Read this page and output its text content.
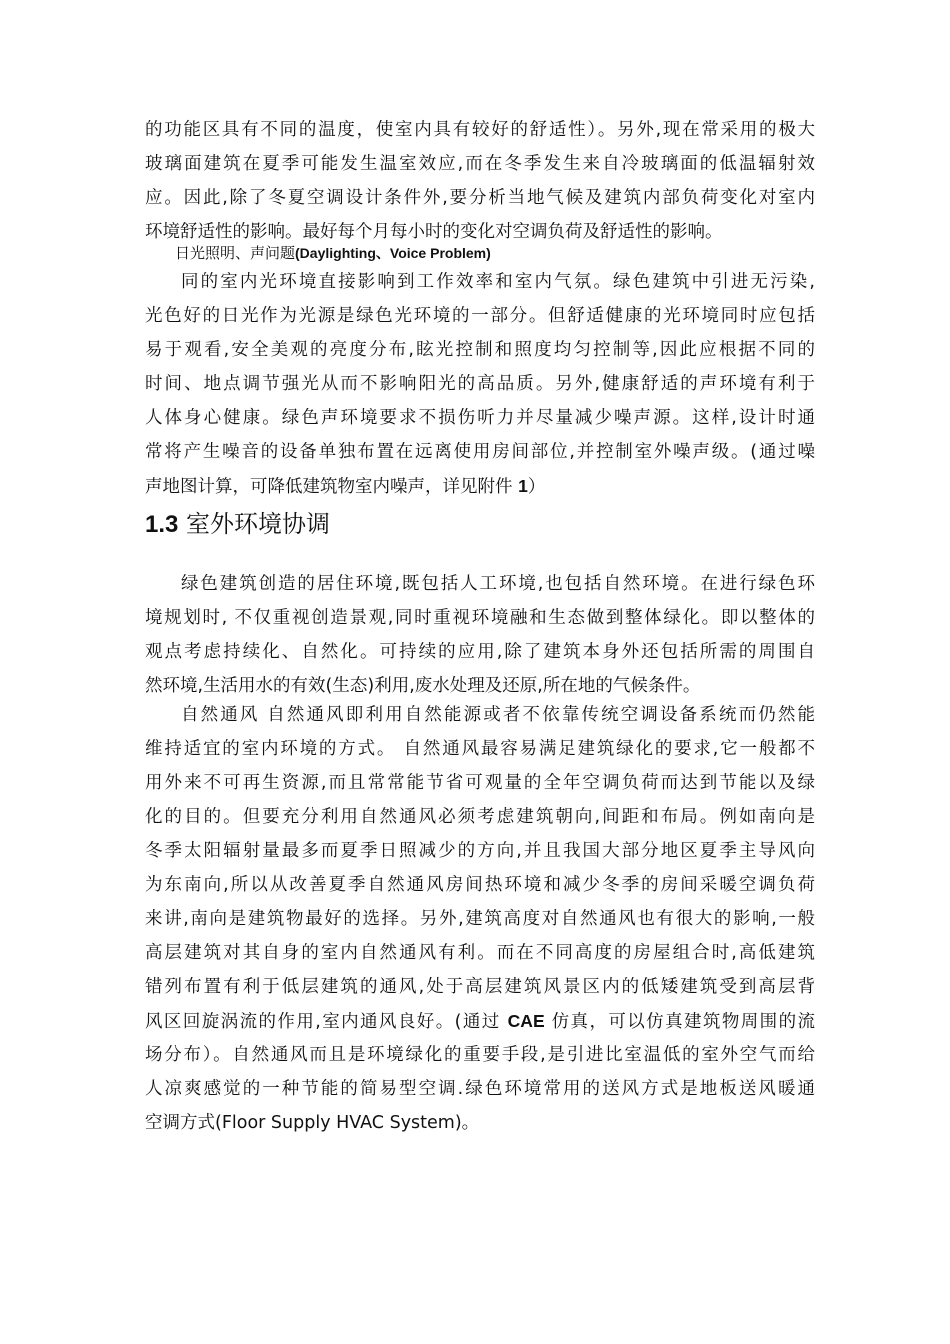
的功能区具有不同的温度，使室内具有较好的舒适性）。另外,现在常采用的极大
玻璃面建筑在夏季可能发生温室效应,而在冬季发生来自冷玻璃面的低温辐射效
应。因此,除了冬夏空调设计条件外,要分析当地气候及建筑内部负荷变化对室内
环境舒适性的影响。最好每个月每小时的变化对空调负荷及舒适性的影响。
日光照明、声问题(Daylighting、Voice Problem)
同的室内光环境直接影响到工作效率和室内气氛。绿色建筑中引进无污染,
光色好的日光作为光源是绿色光环境的一部分。但舒适健康的光环境同时应包括
易于观看,安全美观的亮度分布,眩光控制和照度均匀控制等,因此应根据不同的
时间、地点调节强光从而不影响阳光的高品质。另外,健康舒适的声环境有利于
人体身心健康。绿色声环境要求不损伤听力并尽量减少噪声源。这样,设计时通
常将产生噪音的设备单独布置在远离使用房间部位,并控制室外噪声级。(通过噪
声地图计算，可降低建筑物室内噪声，详见附件 1）
1.3 室外环境协调
绿色建筑创造的居住环境,既包括人工环境,也包括自然环境。在进行绿色环
境规划时, 不仅重视创造景观,同时重视环境融和生态做到整体绿化。即以整体的
观点考虑持续化、自然化。可持续的应用,除了建筑本身外还包括所需的周围自
然环境,生活用水的有效(生态)利用,废水处理及还原,所在地的气候条件。
自然通风 自然通风即利用自然能源或者不依靠传统空调设备系统而仍然能
维持适宜的室内环境的方式。 自然通风最容易满足建筑绿化的要求,它一般都不
用外来不可再生资源,而且常常能节省可观量的全年空调负荷而达到节能以及绿
化的目的。但要充分利用自然通风必须考虑建筑朝向,间距和布局。例如南向是
冬季太阳辐射量最多而夏季日照减少的方向,并且我国大部分地区夏季主导风向
为东南向,所以从改善夏季自然通风房间热环境和减少冬季的房间采暖空调负荷
来讲,南向是建筑物最好的选择。另外,建筑高度对自然通风也有很大的影响,一般
高层建筑对其自身的室内自然通风有利。而在不同高度的房屋组合时,高低建筑
错列布置有利于低层建筑的通风,处于高层建筑风景区内的低矮建筑受到高层背
风区回旋涡流的作用,室内通风良好。(通过 CAE 仿真，可以仿真建筑物周围的流
场分布）。自然通风而且是环境绿化的重要手段,是引进比室温低的室外空气而给
人凉爽感觉的一种节能的简易型空调.绿色环境常用的送风方式是地板送风暖通
空调方式(Floor Supply HVAC System)。
